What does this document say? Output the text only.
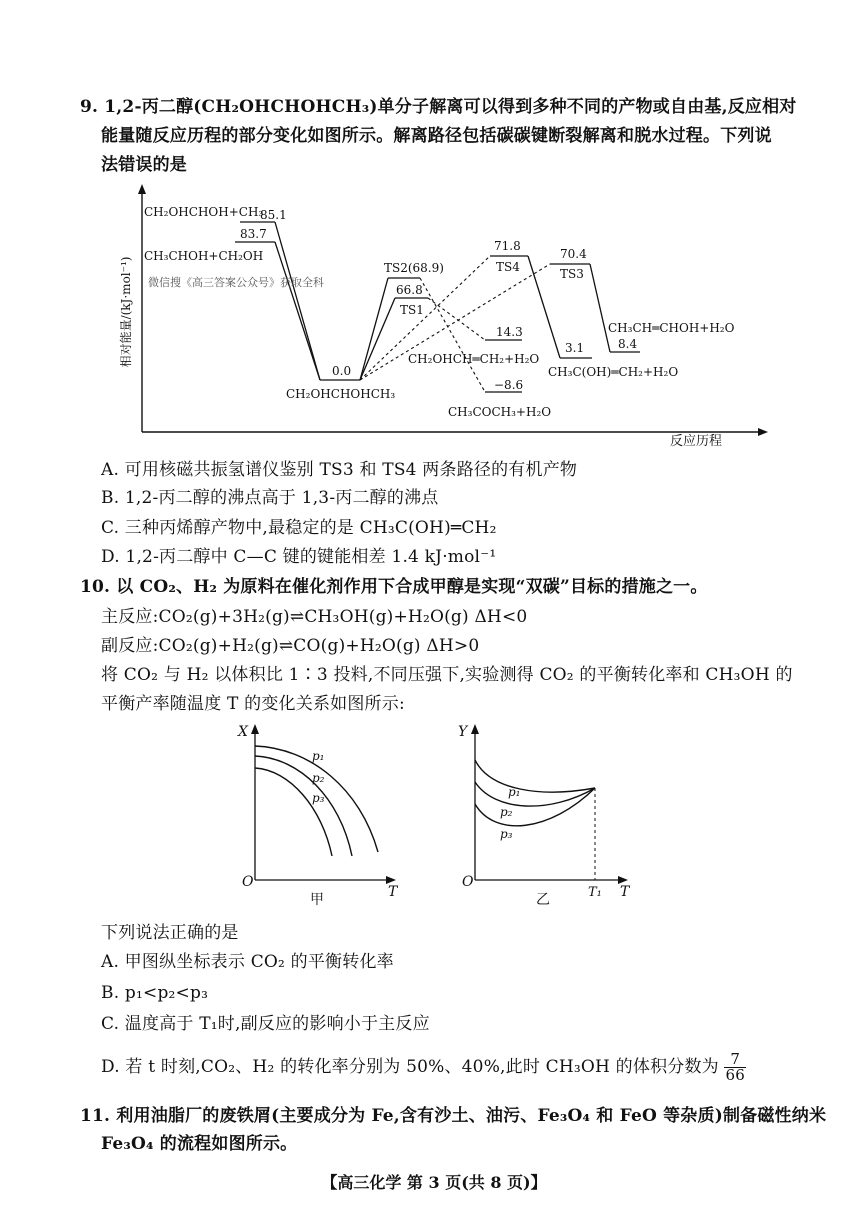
9. 1,2-丙二醇(CH₂OHCHOHCH₃)单分子解离可以得到多种不同的产物或自由基,反应相对
能量随反应历程的部分变化如图所示。解离路径包括碳碳键断裂解离和脱水过程。下列说
法错误的是
相对能量/(kJ·mol⁻¹)
反应历程
CH₂OHCHOH+CH₃
85.1
83.7
CH₃CHOH+CH₂OH
微信搜《高三答案公众号》获取全科
0.0
CH₂OHCHOHCH₃
TS2(68.9)
66.8
TS1
71.8
TS4
70.4
TS3
14.3
CH₂OHCH═CH₂+H₂O
3.1
CH₃C(OH)═CH₂+H₂O
CH₃CH═CHOH+H₂O
8.4
−8.6
CH₃COCH₃+H₂O
A. 可用核磁共振氢谱仪鉴别 TS3 和 TS4 两条路径的有机产物
B. 1,2-丙二醇的沸点高于 1,3-丙二醇的沸点
C. 三种丙烯醇产物中,最稳定的是 CH₃C(OH)═CH₂
D. 1,2-丙二醇中 C—C 键的键能相差 1.4 kJ·mol⁻¹
10. 以 CO₂、H₂ 为原料在催化剂作用下合成甲醇是实现“双碳”目标的措施之一。
主反应:CO₂(g)+3H₂(g)⇌CH₃OH(g)+H₂O(g) ΔH<0
副反应:CO₂(g)+H₂(g)⇌CO(g)+H₂O(g) ΔH>0
将 CO₂ 与 H₂ 以体积比 1∶3 投料,不同压强下,实验测得 CO₂ 的平衡转化率和 CH₃OH 的
平衡产率随温度 T 的变化关系如图所示:
X
T
O
甲
p₁
p₂
p₃
Y
T
O
乙	T₁
p₁
p₂
p₃
下列说法正确的是
A. 甲图纵坐标表示 CO₂ 的平衡转化率
B. p₁<p₂<p₃
C. 温度高于 T₁时,副反应的影响小于主反应
D. 若 t 时刻,CO₂、H₂ 的转化率分别为 50%、40%,此时 CH₃OH 的体积分数为 $\frac{7}{66}$
11. 利用油脂厂的废铁屑(主要成分为 Fe,含有沙土、油污、Fe₃O₄ 和 FeO 等杂质)制备磁性纳米
Fe₃O₄ 的流程如图所示。
【高三化学 第 3 页(共 8 页)】
